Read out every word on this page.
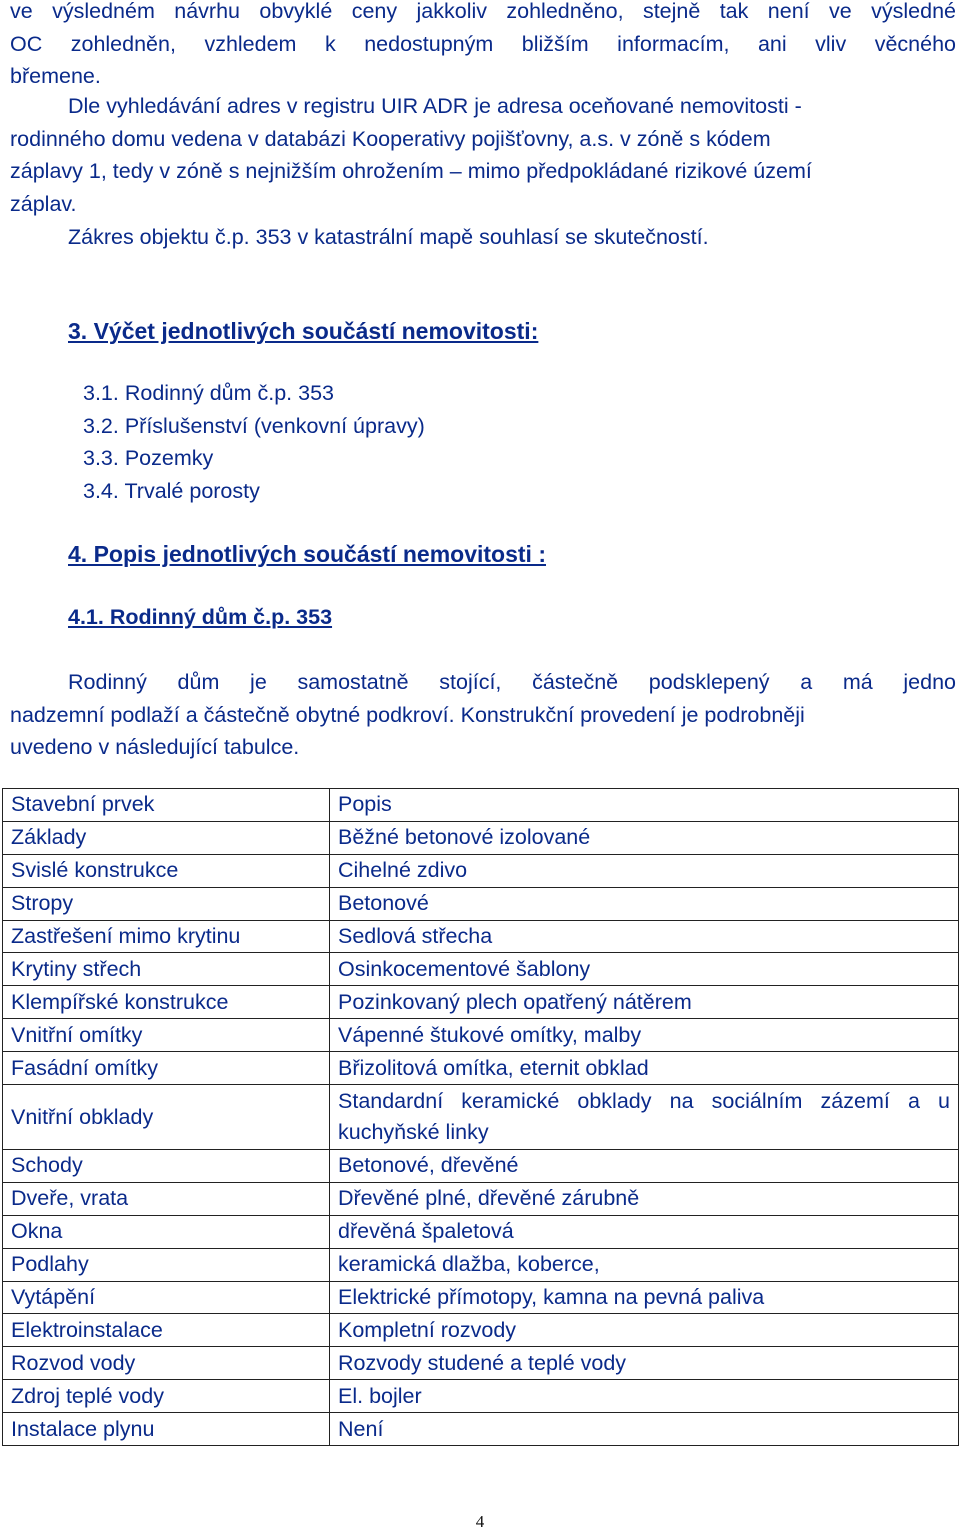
ve výsledném návrhu obvyklé ceny jakkoliv zohledněno, stejně tak není ve výsledné
OC zohledněn, vzhledem k nedostupným bližším informacím, ani vliv věcného
břemene.
Dle vyhledávání adres v registru UIR ADR je adresa oceňované nemovitosti -
rodinného domu vedena v databázi Kooperativy pojišťovny, a.s. v zóně s kódem
záplavy 1, tedy v zóně s nejnižším ohrožením – mimo předpokládané rizikové území
záplav.
Zákres objektu č.p. 353 v katastrální mapě souhlasí se skutečností.
3. Výčet jednotlivých součástí nemovitosti:
3.1. Rodinný dům č.p. 353
3.2. Příslušenství (venkovní úpravy)
3.3. Pozemky
3.4. Trvalé porosty
4. Popis jednotlivých součástí nemovitosti :
4.1. Rodinný dům č.p. 353
Rodinný dům je samostatně stojící, částečně podsklepený a má jedno
nadzemní podlaží a částečně obytné podkroví. Konstrukční provedení je podrobněji
uvedeno v následující tabulce.
Stavební prvek	Popis
Základy	Běžné betonové izolované
Svislé konstrukce	Cihelné zdivo
Stropy	Betonové
Zastřešení mimo krytinu	Sedlová střecha
Krytiny střech	Osinkocementové šablony
Klempířské konstrukce	Pozinkovaný plech opatřený nátěrem
Vnitřní omítky	Vápenné štukové omítky, malby
Fasádní omítky	Břizolitová omítka, eternit obklad
Vnitřní obklady	Standardní keramické obklady na sociálním zázemí a u kuchyňské linky
Schody	Betonové, dřevěné
Dveře, vrata	Dřevěné plné, dřevěné zárubně
Okna	dřevěná špaletová
Podlahy	keramická dlažba, koberce,
Vytápění	Elektrické přímotopy, kamna na pevná paliva
Elektroinstalace	Kompletní rozvody
Rozvod vody	Rozvody studené a teplé vody
Zdroj teplé vody	El. bojler
Instalace plynu	Není
4
